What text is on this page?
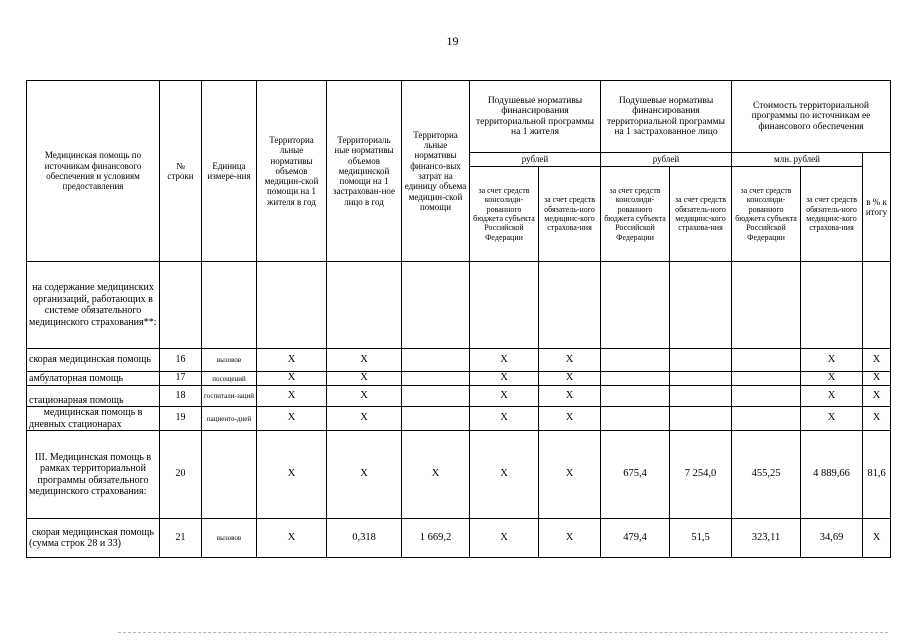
19
Медицинская помощь по источникам финансового обеспечения и условиям предоставления	№ строки	Единица измере-ния	Территориа льные нормативы объемов медицин-ской помощи на 1 жителя в год	Территориаль ные нормативы объемов медицинской помощи на 1 застрахован-ное лицо в год	Территориа льные нормативы финансо-вых затрат на единицу объема медицин-ской помощи	Подушевые нормативы финансирования территориальной программы на 1 жителя		Подушевые нормативы финансирования территориальной программы на 1 застрахованное лицо		Стоимость территориальной программы по источникам ее финансового обеспечения		
						рублей		рублей		млн. рублей		в % к итогу
						за счет средств консолиди-рованного бюджета субъекта Российской Федерации	за счет средств обязатель-ного медицинс-кого страхова-ния	за счет средств консолиди-рованного бюджета субъекта Российской Федерации	за счет средств обязатель-ного медицинс-кого страхова-ния	за счет средств консолиди-рованного бюджета субъекта Российской Федерации	за счет средств обязатель-ного медицинс-кого страхова-ния	
на содержание медицинских организаций, работающих в системе обязательного медицинского страхования**:												
скорая медицинская помощь	16	вызовов	X	X		X	X				X	X
амбулаторная помощь	17	посещений	X	X		X	X				X	X
стационарная помощь	18	госпитали-заций	X	X		X	X				X	X
медицинская помощь в дневных стационарах	19	пациенто-дней	X	X		X	X				X	X
III. Медицинская помощь в рамках территориальной программы обязательного медицинского страхования:	20		X	X	X	X	X	675,4	7 254,0	455,25	4 889,66	81,6
скорая медицинская помощь (сумма строк 28 и 33)	21	вызовов	X	0,318	1 669,2	X	X	479,4	51,5	323,11	34,69	X
